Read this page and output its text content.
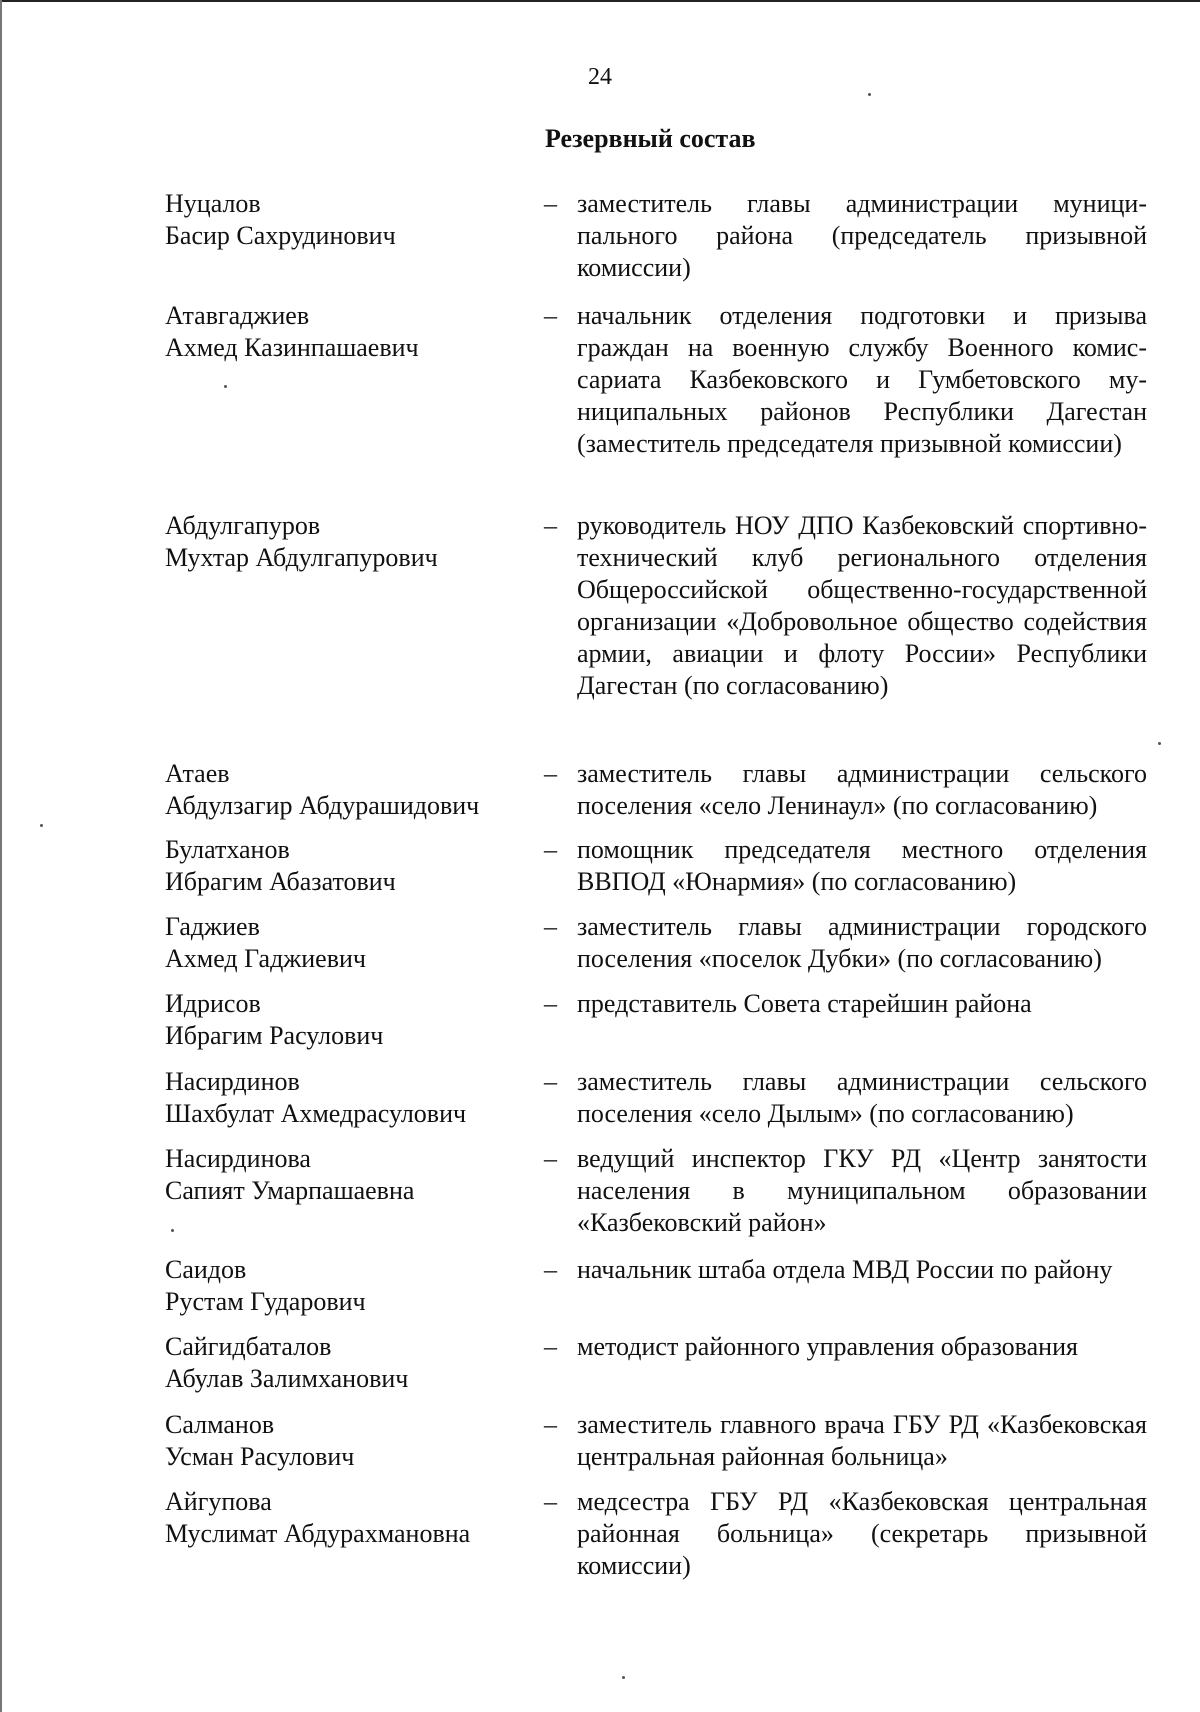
24
Резервный состав
Нуцалов
Басир Сахрудинович
– заместитель главы администрации муниципального района (председатель призывной комиссии)
Атавгаджиев
Ахмед Казинпашаевич
– начальник отделения подготовки и призыва граждан на военную службу Военного комиссариата Казбековского и Гумбетовского муниципальных районов Республики Дагестан (заместитель председателя призывной комиссии)
Абдулгапуров
Мухтар Абдулгапурович
– руководитель НОУ ДПО Казбековский спортивно-технический клуб регионального отделения Общероссийской общественно-государственной организации «Добровольное общество содействия армии, авиации и флоту России» Республики Дагестан (по согласованию)
Атаев
Абдулзагир Абдурашидович
– заместитель главы администрации сельского поселения «село Ленинаул» (по согласованию)
Булатханов
Ибрагим Абазатович
– помощник председателя местного отделения ВВПОД «Юнармия» (по согласованию)
Гаджиев
Ахмед Гаджиевич
– заместитель главы администрации городского поселения «поселок Дубки» (по согласованию)
Идрисов
Ибрагим Расулович
– представитель Совета старейшин района
Насирдинов
Шахбулат Ахмедрасулович
– заместитель главы администрации сельского поселения «село Дылым» (по согласованию)
Насирдинова
Сапият Умарпашаевна
– ведущий инспектор ГКУ РД «Центр занятости населения в муниципальном образовании «Казбековский район»
Саидов
Рустам Гударович
– начальник штаба отдела МВД России по району
Сайгидбаталов
Абулав Залимханович
– методист районного управления образования
Салманов
Усман Расулович
– заместитель главного врача ГБУ РД «Казбековская центральная районная больница»
Айгупова
Муслимат Абдурахмановна
– медсестра ГБУ РД «Казбековская центральная районная больница» (секретарь призывной комиссии)
